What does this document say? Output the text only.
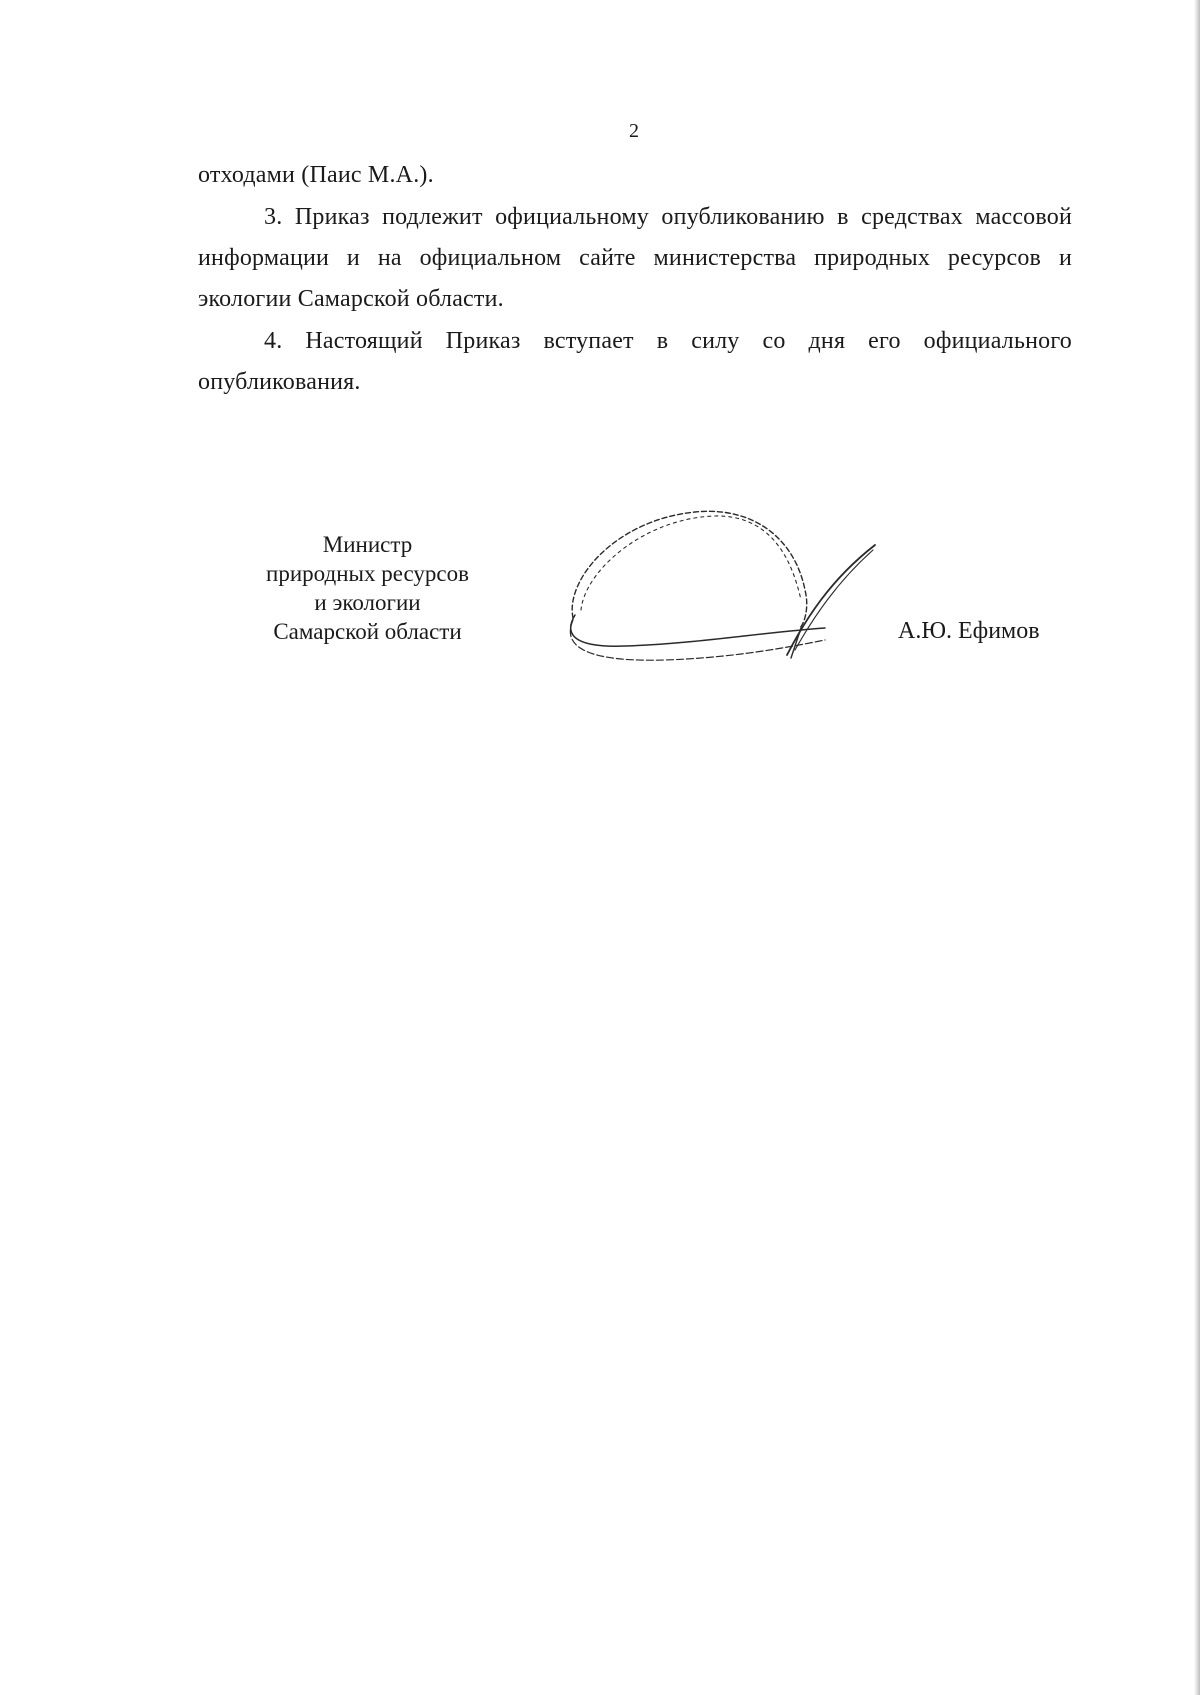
2

отходами (Паис М.А.).

3. Приказ подлежит официальному опубликованию в средствах массовой информации и на официальном сайте министерства природных ресурсов и экологии Самарской области.

4. Настоящий Приказ вступает в силу со дня его официального опубликования.

Министр
природных ресурсов
и экологии
Самарской области	А.Ю. Ефимов
